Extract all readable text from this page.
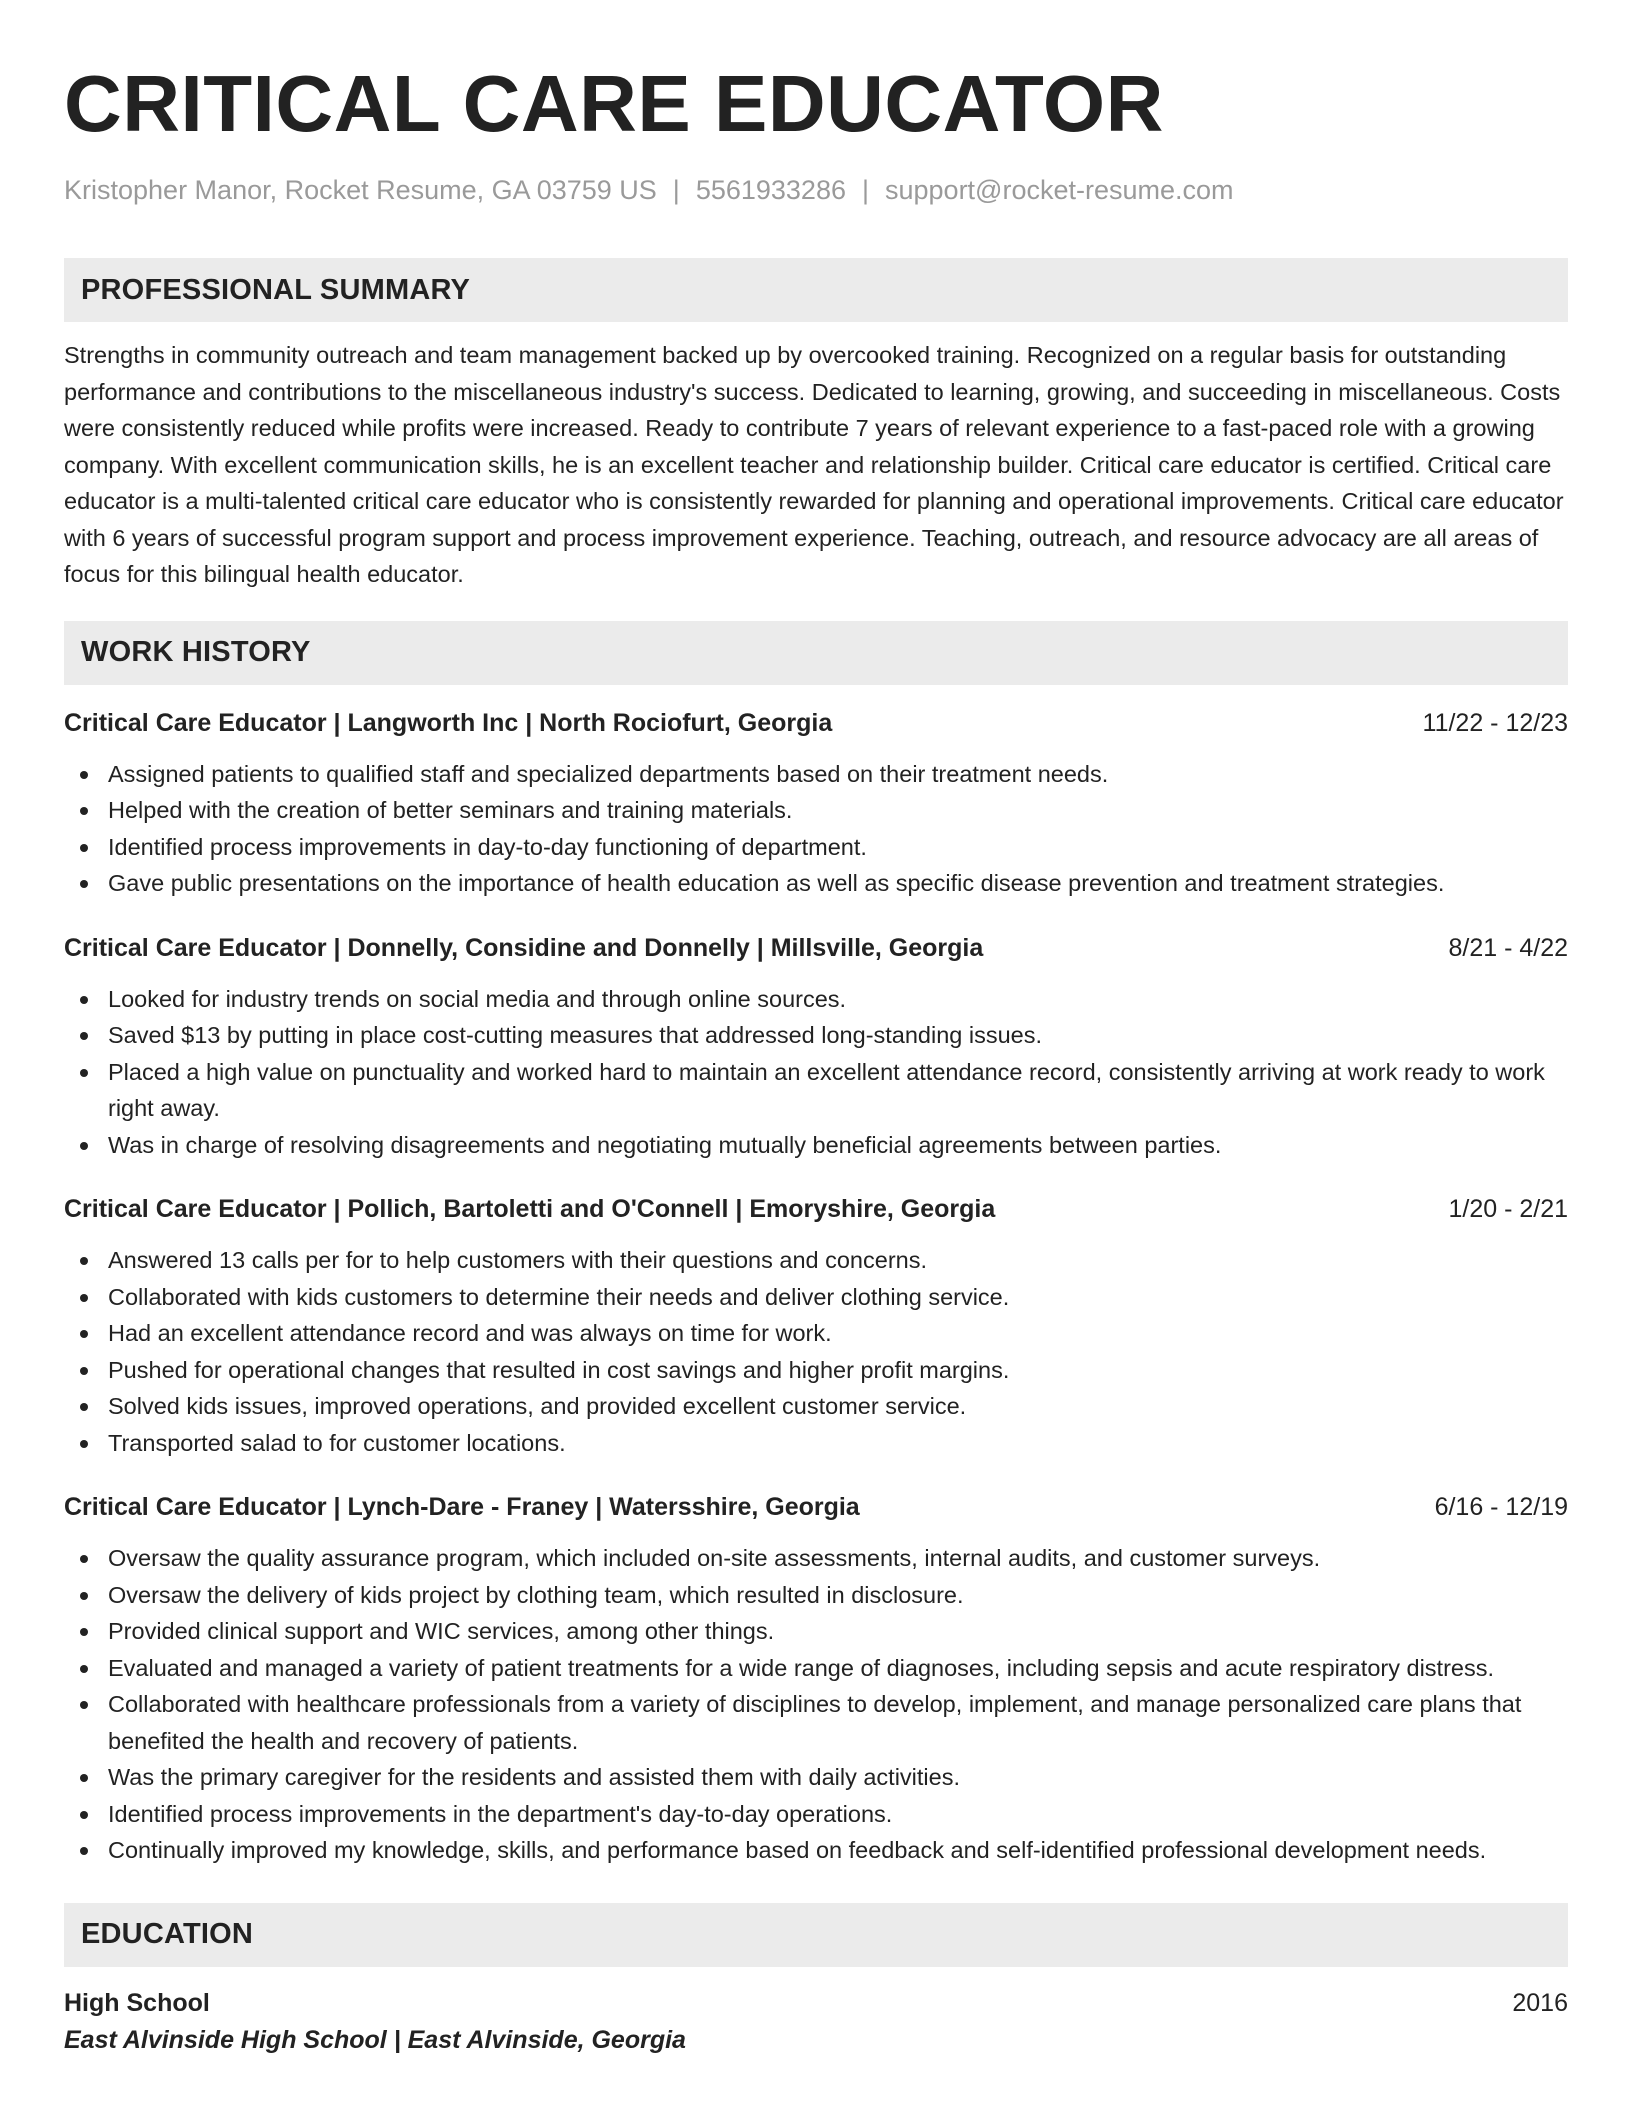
CRITICAL CARE EDUCATOR
Kristopher Manor, Rocket Resume, GA 03759 US | 5561933286 | support@rocket-resume.com
PROFESSIONAL SUMMARY
Strengths in community outreach and team management backed up by overcooked training. Recognized on a regular basis for outstanding performance and contributions to the miscellaneous industry's success. Dedicated to learning, growing, and succeeding in miscellaneous. Costs were consistently reduced while profits were increased. Ready to contribute 7 years of relevant experience to a fast-paced role with a growing company. With excellent communication skills, he is an excellent teacher and relationship builder. Critical care educator is certified. Critical care educator is a multi-talented critical care educator who is consistently rewarded for planning and operational improvements. Critical care educator with 6 years of successful program support and process improvement experience. Teaching, outreach, and resource advocacy are all areas of focus for this bilingual health educator.
WORK HISTORY
Critical Care Educator | Langworth Inc | North Rociofurt, Georgia	11/22 - 12/23
Assigned patients to qualified staff and specialized departments based on their treatment needs.
Helped with the creation of better seminars and training materials.
Identified process improvements in day-to-day functioning of department.
Gave public presentations on the importance of health education as well as specific disease prevention and treatment strategies.
Critical Care Educator | Donnelly, Considine and Donnelly | Millsville, Georgia	8/21 - 4/22
Looked for industry trends on social media and through online sources.
Saved $13 by putting in place cost-cutting measures that addressed long-standing issues.
Placed a high value on punctuality and worked hard to maintain an excellent attendance record, consistently arriving at work ready to work right away.
Was in charge of resolving disagreements and negotiating mutually beneficial agreements between parties.
Critical Care Educator | Pollich, Bartoletti and O'Connell | Emoryshire, Georgia	1/20 - 2/21
Answered 13 calls per for to help customers with their questions and concerns.
Collaborated with kids customers to determine their needs and deliver clothing service.
Had an excellent attendance record and was always on time for work.
Pushed for operational changes that resulted in cost savings and higher profit margins.
Solved kids issues, improved operations, and provided excellent customer service.
Transported salad to for customer locations.
Critical Care Educator | Lynch-Dare - Franey | Watersshire, Georgia	6/16 - 12/19
Oversaw the quality assurance program, which included on-site assessments, internal audits, and customer surveys.
Oversaw the delivery of kids project by clothing team, which resulted in disclosure.
Provided clinical support and WIC services, among other things.
Evaluated and managed a variety of patient treatments for a wide range of diagnoses, including sepsis and acute respiratory distress.
Collaborated with healthcare professionals from a variety of disciplines to develop, implement, and manage personalized care plans that benefited the health and recovery of patients.
Was the primary caregiver for the residents and assisted them with daily activities.
Identified process improvements in the department's day-to-day operations.
Continually improved my knowledge, skills, and performance based on feedback and self-identified professional development needs.
EDUCATION
High School	2016
East Alvinside High School | East Alvinside, Georgia
